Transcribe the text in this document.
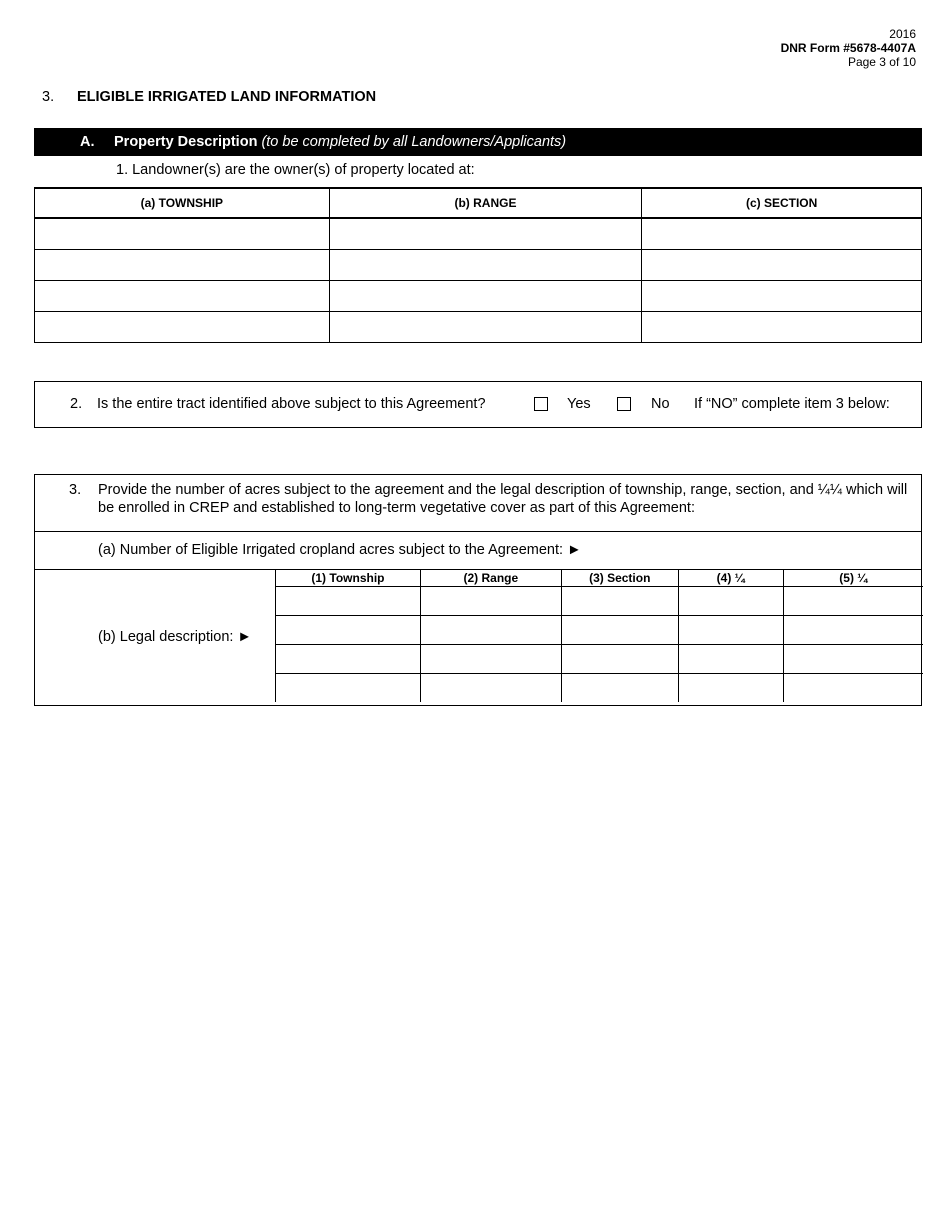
2016
DNR Form #5678-4407A
Page 3 of 10
3. ELIGIBLE IRRIGATED LAND INFORMATION
A. Property Description (to be completed by all Landowners/Applicants)
1. Landowner(s) are the owner(s) of property located at:
(a) TOWNSHIP	(b) RANGE	(c) SECTION

2. Is the entire tract identified above subject to this Agreement?	Yes	No If “NO” complete item 3 below:
3.	Provide the number of acres subject to the agreement and the legal description of township, range, section, and ¼¼ which will be enrolled in CREP and established to long-term vegetative cover as part of this Agreement:
(a) Number of Eligible Irrigated cropland acres subject to the Agreement: ►
(b) Legal description: ►
(1) Township	(2) Range	(3) Section	(4) ¼	(5) ¼
